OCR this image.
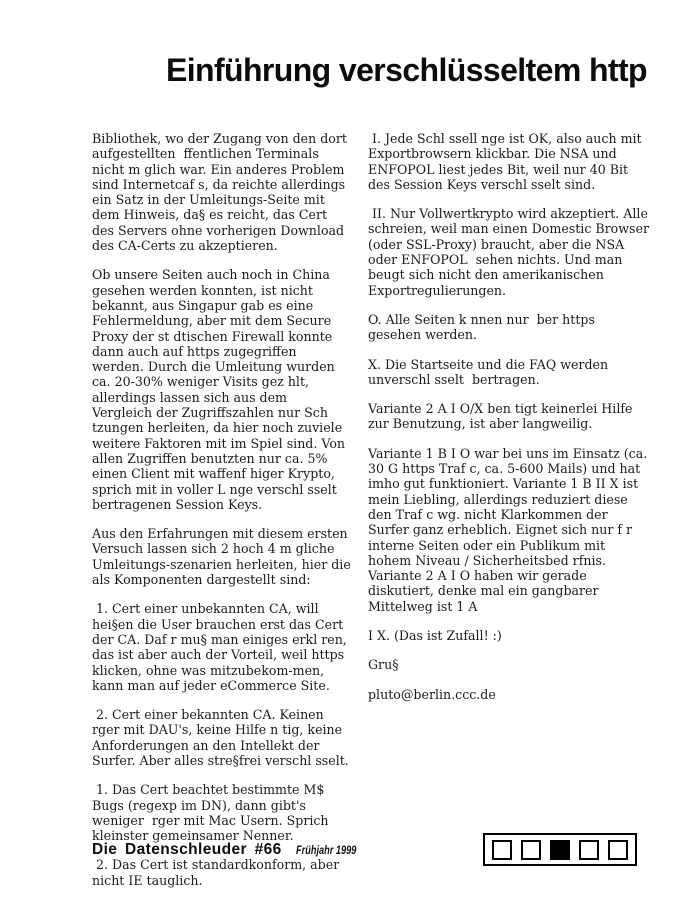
Einführung verschlüsseltem http

Bibliothek, wo der Zugang von den dort aufgestellten  ffentlichen Terminals nicht m glich war. Ein anderes Problem sind Internetcaf s, da reichte allerdings ein Satz in der Umleitungs-Seite mit dem Hinweis, da§ es reicht, das Cert des Servers ohne vorherigen Download des CA-Certs zu akzeptieren.

Ob unsere Seiten auch noch in China gesehen werden konnten, ist nicht bekannt, aus Singapur gab es eine Fehlermeldung, aber mit dem Secure Proxy der st dtischen Firewall konnte dann auch auf https zugegriffen werden. Durch die Umleitung wurden ca. 20-30% weniger Visits gez hlt, allerdings lassen sich aus dem Vergleich der Zugriffszahlen nur Sch tzungen herleiten, da hier noch zuviele weitere Faktoren mit im Spiel sind. Von allen Zugriffen benutzten nur ca. 5% einen Client mit waffenf higer Krypto, sprich mit in voller L nge verschl sselt  bertragenen Session Keys.

Aus den Erfahrungen mit diesem ersten Versuch lassen sich 2 hoch 4 m gliche Umleitungs-szenarien herleiten, hier die als Komponenten dargestellt sind:

1. Cert einer unbekannten CA, will hei§en die User brauchen erst das Cert der CA. Daf r mu§ man einiges erkl ren, das ist aber auch der Vorteil, weil https klicken, ohne was mitzubekom-men, kann man auf jeder eCommerce Site.

2. Cert einer bekannten CA. Keinen  rger mit DAU's, keine Hilfe n tig, keine Anforderungen an den Intellekt der Surfer. Aber alles stre§frei verschl sselt.

1. Das Cert beachtet bestimmte M$ Bugs (regexp im DN), dann gibt's weniger  rger mit Mac Usern. Sprich kleinster gemeinsamer Nenner.

2. Das Cert ist standardkonform, aber nicht IE tauglich.

I. Jede Schl ssell nge ist OK, also auch mit Exportbrowsern klickbar. Die NSA und ENFOPOL liest jedes Bit, weil nur 40 Bit des Session Keys verschl sselt sind.

II. Nur Vollwertkrypto wird akzeptiert. Alle schreien, weil man einen Domestic Browser (oder SSL-Proxy) braucht, aber die NSA oder ENFOPOL  sehen nichts. Und man beugt sich nicht den amerikanischen Exportregulierungen.

O. Alle Seiten k nnen nur  ber https gesehen werden.

X. Die Startseite und die FAQ werden unverschl sselt  bertragen.

Variante 2 A I O/X ben tigt keinerlei Hilfe zur Benutzung, ist aber langweilig.

Variante 1 B I O war bei uns im Einsatz (ca. 30 G https Traf c, ca. 5-600 Mails) und hat imho gut funktioniert. Variante 1 B II X ist mein Liebling, allerdings reduziert diese den Traf c wg. nicht Klarkommen der Surfer ganz erheblich. Eignet sich nur f r interne Seiten oder ein Publikum mit hohem Niveau / Sicherheitsbed rfnis. Variante 2 A I O haben wir gerade diskutiert, denke mal ein gangbarer Mittelweg ist 1 A

I X. (Das ist Zufall! :)

Gru§

pluto@berlin.ccc.de

Die Datenschleuder #66 Frühjahr 1999
